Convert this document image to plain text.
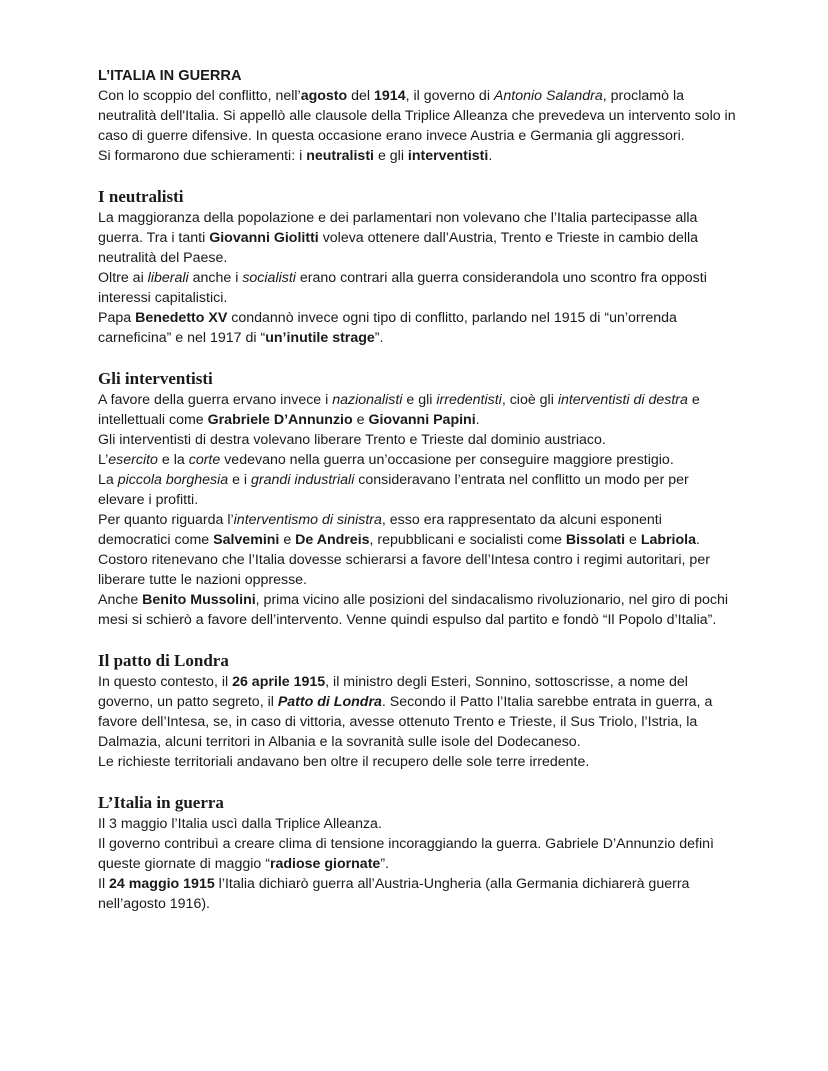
L’ITALIA IN GUERRA

Con lo scoppio del conflitto, nell’agosto del 1914, il governo di Antonio Salandra, proclamò la neutralità dell'Italia. Si appellò alle clausole della Triplice Alleanza che prevedeva un intervento solo in caso di guerre difensive. In questa occasione erano invece Austria e Germania gli aggressori.

Si formarono due schieramenti: i neutralisti e gli interventisti.

I neutralisti

La maggioranza della popolazione e dei parlamentari non volevano che l’Italia partecipasse alla guerra. Tra i tanti Giovanni Giolitti voleva ottenere dall’Austria, Trento e Trieste in cambio della neutralità del Paese.

Oltre ai liberali anche i socialisti erano contrari alla guerra considerandola uno scontro fra opposti interessi capitalistici.

Papa Benedetto XV condannò invece ogni tipo di conflitto, parlando nel 1915 di “un’orrenda carneficina” e nel 1917 di “un’inutile strage”.

Gli interventisti

A favore della guerra ervano invece i nazionalisti e gli irredentisti, cioè gli interventisti di destra e intellettuali come Grabriele D’Annunzio e Giovanni Papini.

Gli interventisti di destra volevano liberare Trento e Trieste dal dominio austriaco.

L’esercito e la corte vedevano nella guerra un’occasione per conseguire maggiore prestigio.

La piccola borghesia e i grandi industriali consideravano l’entrata nel conflitto un modo per per elevare i profitti.

Per quanto riguarda l’interventismo di sinistra, esso era rappresentato da alcuni esponenti democratici come Salvemini e De Andreis, repubblicani e socialisti come Bissolati e Labriola.

Costoro ritenevano che l’Italia dovesse schierarsi a favore dell’Intesa contro i regimi autoritari, per liberare tutte le nazioni oppresse.

Anche Benito Mussolini, prima vicino alle posizioni del sindacalismo rivoluzionario, nel giro di pochi mesi si schierò a favore dell’intervento. Venne quindi espulso dal partito e fondò “Il Popolo d’Italia”.

Il patto di Londra

In questo contesto, il 26 aprile 1915, il ministro degli Esteri, Sonnino, sottoscrisse, a nome del governo, un patto segreto, il Patto di Londra. Secondo il Patto l’Italia sarebbe entrata in guerra, a favore dell’Intesa, se, in caso di vittoria, avesse ottenuto Trento e Trieste, il Sus Triolo, l’Istria, la Dalmazia, alcuni territori in Albania e la sovranità sulle isole del Dodecaneso.

Le richieste territoriali andavano ben oltre il recupero delle sole terre irredente.

L’Italia in guerra

Il 3 maggio l’Italia uscì dalla Triplice Alleanza.

Il governo contribuì a creare clima di tensione incoraggiando la guerra. Gabriele D’Annunzio definì queste giornate di maggio “radiose giornate”.

Il 24 maggio 1915 l’Italia dichiarò guerra all’Austria-Ungheria (alla Germania dichiarerà guerra nell’agosto 1916).
